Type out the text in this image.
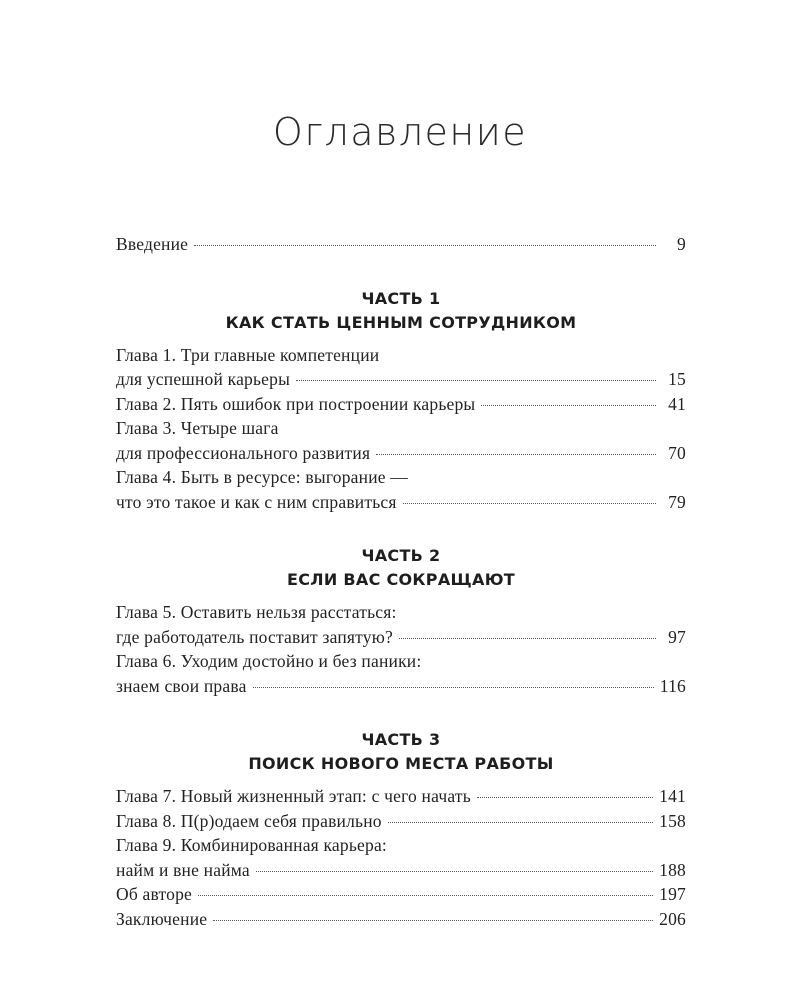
Оглавление
Введение	9
ЧАСТЬ 1
КАК СТАТЬ ЦЕННЫМ СОТРУДНИКОМ
Глава 1. Три главные компетенции
для успешной карьеры	15
Глава 2. Пять ошибок при построении карьеры	41
Глава 3. Четыре шага
для профессионального развития	70
Глава 4. Быть в ресурсе: выгорание —
что это такое и как с ним справиться	79
ЧАСТЬ 2
ЕСЛИ ВАС СОКРАЩАЮТ
Глава 5. Оставить нельзя расстаться:
где работодатель поставит запятую?	97
Глава 6. Уходим достойно и без паники:
знаем свои права	116
ЧАСТЬ 3
ПОИСК НОВОГО МЕСТА РАБОТЫ
Глава 7. Новый жизненный этап: с чего начать	141
Глава 8. П(р)одаем себя правильно	158
Глава 9. Комбинированная карьера:
найм и вне найма	188
Об авторе	197
Заключение	206
